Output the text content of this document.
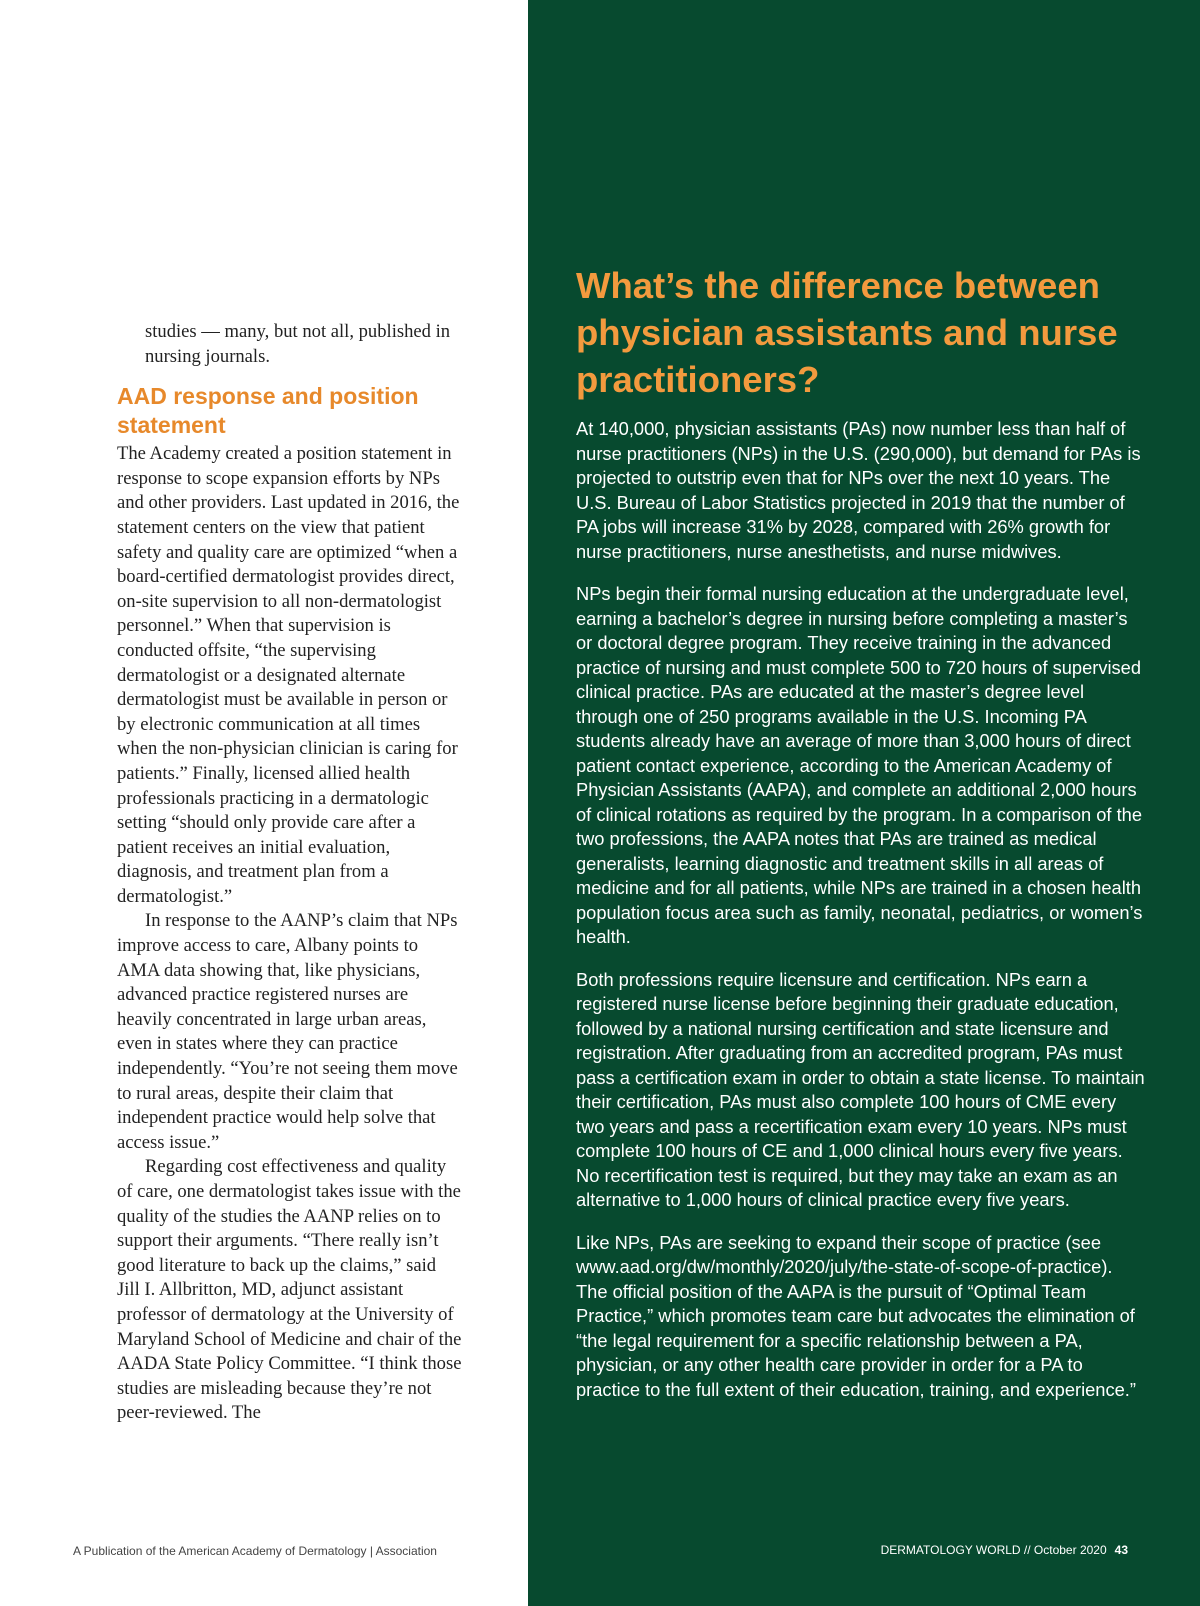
studies — many, but not all, published in nursing journals.

AAD response and position statement

The Academy created a position statement in response to scope expansion efforts by NPs and other providers. Last updated in 2016, the statement centers on the view that patient safety and quality care are optimized “when a board-certified dermatologist provides direct, on-site supervision to all non-dermatologist personnel.” When that supervision is conducted offsite, “the supervising dermatologist or a designated alternate dermatologist must be available in person or by electronic communication at all times when the non-physician clinician is caring for patients.” Finally, licensed allied health professionals practicing in a dermatologic setting “should only provide care after a patient receives an initial evaluation, diagnosis, and treatment plan from a dermatologist.”

In response to the AANP’s claim that NPs improve access to care, Albany points to AMA data showing that, like physicians, advanced practice registered nurses are heavily concentrated in large urban areas, even in states where they can practice independently. “You’re not seeing them move to rural areas, despite their claim that independent practice would help solve that access issue.”

Regarding cost effectiveness and quality of care, one dermatologist takes issue with the quality of the studies the AANP relies on to support their arguments. “There really isn’t good literature to back up the claims,” said Jill I. Allbritton, MD, adjunct assistant professor of dermatology at the University of Maryland School of Medicine and chair of the AADA State Policy Committee. “I think those studies are misleading because they’re not peer-reviewed. The

What’s the difference between physician assistants and nurse practitioners?

At 140,000, physician assistants (PAs) now number less than half of nurse practitioners (NPs) in the U.S. (290,000), but demand for PAs is projected to outstrip even that for NPs over the next 10 years. The U.S. Bureau of Labor Statistics projected in 2019 that the number of PA jobs will increase 31% by 2028, compared with 26% growth for nurse practitioners, nurse anesthetists, and nurse midwives.

NPs begin their formal nursing education at the undergraduate level, earning a bachelor’s degree in nursing before completing a master’s or doctoral degree program. They receive training in the advanced practice of nursing and must complete 500 to 720 hours of supervised clinical practice. PAs are educated at the master’s degree level through one of 250 programs available in the U.S. Incoming PA students already have an average of more than 3,000 hours of direct patient contact experience, according to the American Academy of Physician Assistants (AAPA), and complete an additional 2,000 hours of clinical rotations as required by the program. In a comparison of the two professions, the AAPA notes that PAs are trained as medical generalists, learning diagnostic and treatment skills in all areas of medicine and for all patients, while NPs are trained in a chosen health population focus area such as family, neonatal, pediatrics, or women’s health.

Both professions require licensure and certification. NPs earn a registered nurse license before beginning their graduate education, followed by a national nursing certification and state licensure and registration. After graduating from an accredited program, PAs must pass a certification exam in order to obtain a state license. To maintain their certification, PAs must also complete 100 hours of CME every two years and pass a recertification exam every 10 years. NPs must complete 100 hours of CE and 1,000 clinical hours every five years. No recertification test is required, but they may take an exam as an alternative to 1,000 hours of clinical practice every five years.

Like NPs, PAs are seeking to expand their scope of practice (see www.aad.org/dw/monthly/2020/july/the-state-of-scope-of-practice). The official position of the AAPA is the pursuit of “Optimal Team Practice,” which promotes team care but advocates the elimination of “the legal requirement for a specific relationship between a PA, physician, or any other health care provider in order for a PA to practice to the full extent of their education, training, and experience.”

A Publication of the American Academy of Dermatology | Association	DERMATOLOGY WORLD // October 2020 43
